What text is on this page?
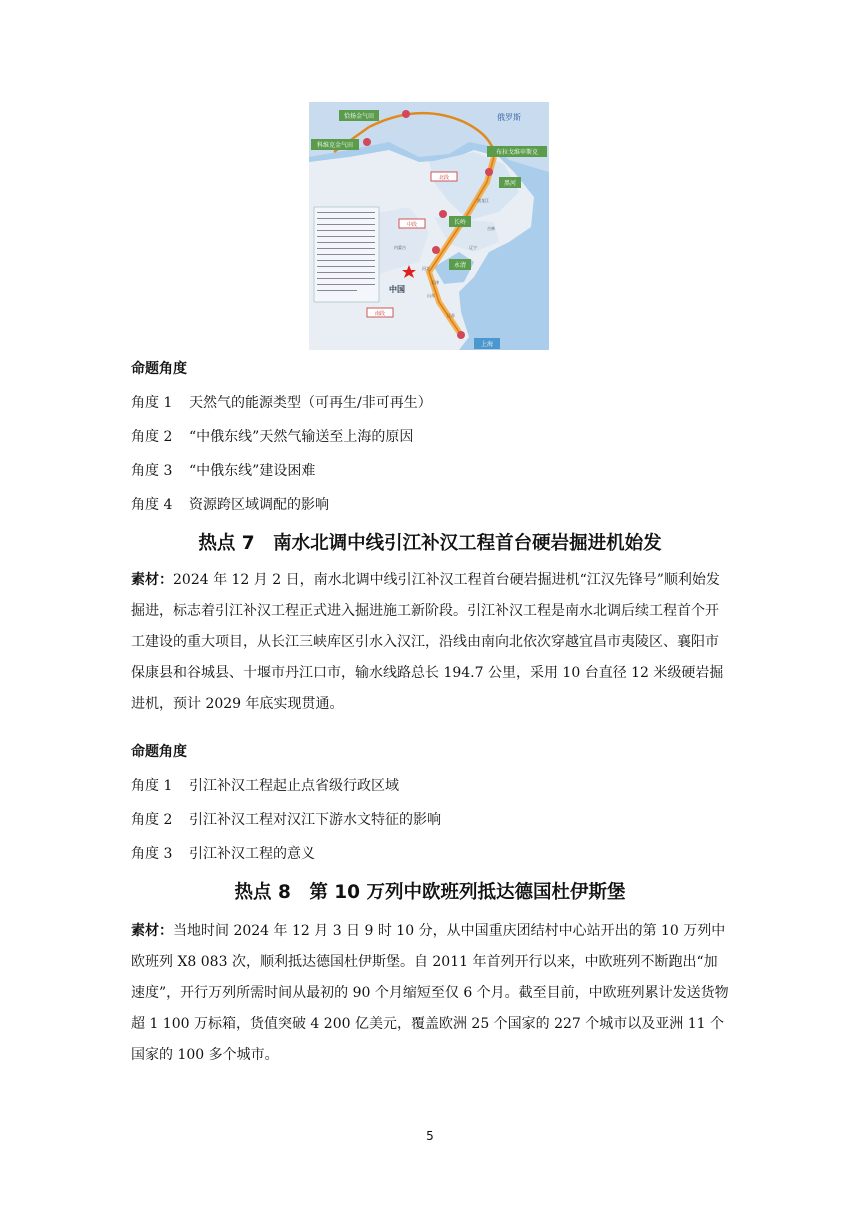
恰扬金气田
科维克金气田
布拉戈维申斯克
黑河
长岭
永清
上海
北段
中段
南段
俄罗斯
中国
黑龙江
吉林
辽宁
内蒙古
河北
天津
山东
江苏
命题角度
角度 1 天然气的能源类型（可再生/非可再生）
角度 2 “中俄东线”天然气输送至上海的原因
角度 3 “中俄东线”建设困难
角度 4 资源跨区域调配的影响
热点 7　南水北调中线引江补汉工程首台硬岩掘进机始发

素材：2024 年 12 月 2 日，南水北调中线引江补汉工程首台硬岩掘进机“江汉先锋号”顺利始发掘进，标志着引江补汉工程正式进入掘进施工新阶段。引江补汉工程是南水北调后续工程首个开工建设的重大项目，从长江三峡库区引水入汉江，沿线由南向北依次穿越宜昌市夷陵区、襄阳市保康县和谷城县、十堰市丹江口市，输水线路总长 194.7 公里，采用 10 台直径 12 米级硬岩掘进机，预计 2029 年底实现贯通。

命题角度
角度 1 引江补汉工程起止点省级行政区域
角度 2 引江补汉工程对汉江下游水文特征的影响
角度 3 引江补汉工程的意义
热点 8　第 10 万列中欧班列抵达德国杜伊斯堡

素材：当地时间 2024 年 12 月 3 日 9 时 10 分，从中国重庆团结村中心站开出的第 10 万列中欧班列 X8 083 次，顺利抵达德国杜伊斯堡。自 2011 年首列开行以来，中欧班列不断跑出“加速度”，开行万列所需时间从最初的 90 个月缩短至仅 6 个月。截至目前，中欧班列累计发送货物超 1 100 万标箱，货值突破 4 200 亿美元，覆盖欧洲 25 个国家的 227 个城市以及亚洲 11 个国家的 100 多个城市。

5
